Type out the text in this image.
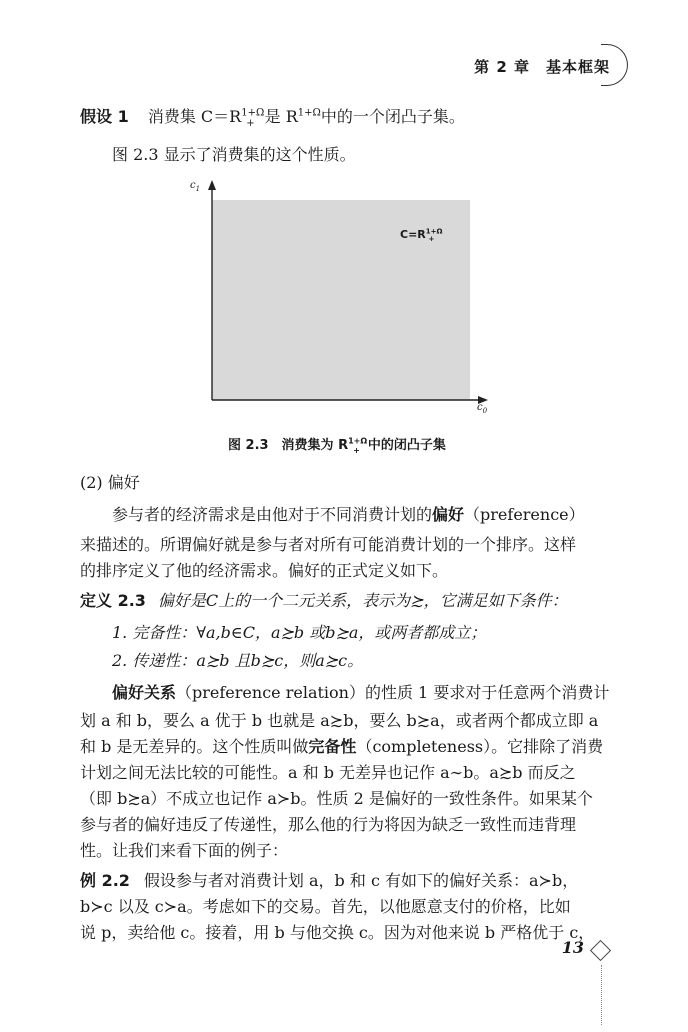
第 2 章　基本框架
假设 1 消费集 $C=R^{1+\Omega}_+$ 是 $R^{1+\Omega}$中的一个闭凸子集。
图 2.3 显示了消费集的这个性质。
$c_1$
$c_0$
$C=R^{1+\Omega}_+$
图 2.3　消费集为 $R^{1+\Omega}_+$ 中的闭凸子集
(2) 偏好
参与者的经济需求是由他对于不同消费计划的偏好（preference）
来描述的。所谓偏好就是参与者对所有可能消费计划的一个排序。这样
的排序定义了他的经济需求。偏好的正式定义如下。
定义 2.3 偏好是C上的一个二元关系，表示为≿，它满足如下条件：
1. 完备性：∀a,b∈C，a≿b 或b≿a，或两者都成立；
2. 传递性：a≿b 且b≿c，则a≿c。
偏好关系（preference relation）的性质 1 要求对于任意两个消费计
划 a 和 b，要么 a 优于 b 也就是 a≿b，要么 b≿a，或者两个都成立即 a
和 b 是无差异的。这个性质叫做完备性（completeness）。它排除了消费
计划之间无法比较的可能性。a 和 b 无差异也记作 a∼b。a≿b 而反之
（即 b≿a）不成立也记作 a≻b。性质 2 是偏好的一致性条件。如果某个
参与者的偏好违反了传递性，那么他的行为将因为缺乏一致性而违背理
性。让我们来看下面的例子：
例 2.2 假设参与者对消费计划 a，b 和 c 有如下的偏好关系：a≻b，
b≻c 以及 c≻a。考虑如下的交易。首先，以他愿意支付的价格，比如
说 p，卖给他 c。接着，用 b 与他交换 c。因为对他来说 b 严格优于 c，
13
